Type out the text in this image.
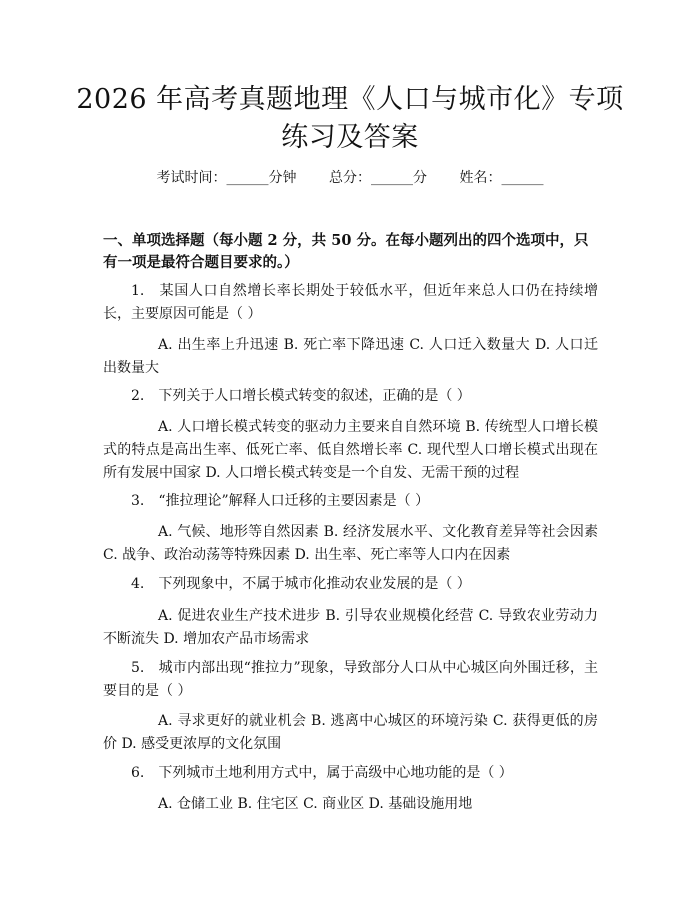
2026 年高考真题地理《人口与城市化》专项
练习及答案
考试时间：______分钟 总分：______分 姓名：______
一、单项选择题（每小题 2 分，共 50 分。在每小题列出的四个选项中，只有一项是最符合题目要求的。）
1.　某国人口自然增长率长期处于较低水平，但近年来总人口仍在持续增长，主要原因可能是（ ）
A. 出生率上升迅速 B. 死亡率下降迅速 C. 人口迁入数量大 D. 人口迁出数量大
2.　下列关于人口增长模式转变的叙述，正确的是（ ）
A. 人口增长模式转变的驱动力主要来自自然环境 B. 传统型人口增长模式的特点是高出生率、低死亡率、低自然增长率 C. 现代型人口增长模式出现在所有发展中国家 D. 人口增长模式转变是一个自发、无需干预的过程
3.　“推拉理论”解释人口迁移的主要因素是（ ）
A. 气候、地形等自然因素 B. 经济发展水平、文化教育差异等社会因素 C. 战争、政治动荡等特殊因素 D. 出生率、死亡率等人口内在因素
4.　下列现象中，不属于城市化推动农业发展的是（ ）
A. 促进农业生产技术进步 B. 引导农业规模化经营 C. 导致农业劳动力不断流失 D. 增加农产品市场需求
5.　城市内部出现“推拉力”现象，导致部分人口从中心城区向外围迁移，主要目的是（ ）
A. 寻求更好的就业机会 B. 逃离中心城区的环境污染 C. 获得更低的房价 D. 感受更浓厚的文化氛围
6.　下列城市土地利用方式中，属于高级中心地功能的是（ ）
A. 仓储工业 B. 住宅区 C. 商业区 D. 基础设施用地
